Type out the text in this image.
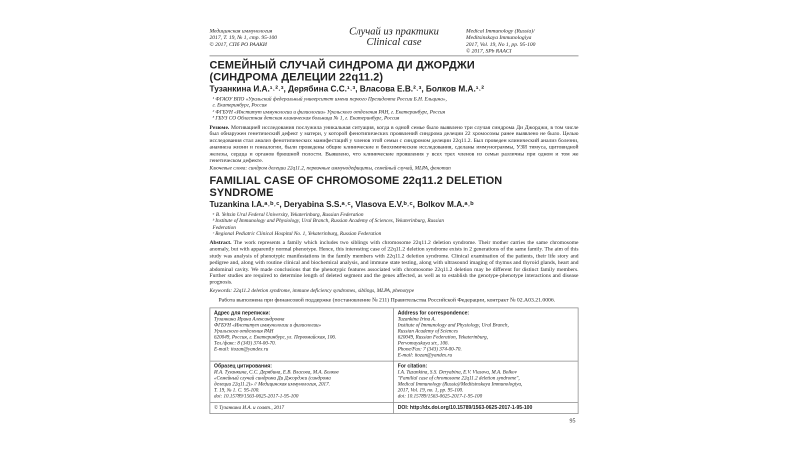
Медицинская иммунология
2017, Т. 19, № 1, стр. 95-100
© 2017, СПб РО РААКИ
Случай из практики
Clinical case
Medical Immunology (Russia)/
Meditsinskaya Immunologiya
2017, Vol. 19, No 1, pp. 95-100
© 2017, SPb RAACI
СЕМЕЙНЫЙ СЛУЧАЙ СИНДРОМА ДИ ДЖОРДЖИ
(СИНДРОМА ДЕЛЕЦИИ 22q11.2)
Тузанкина И.А.¹˒²˒³, Дерябина С.С.¹˒³, Власова Е.В.²˒³, Болков М.А.¹˒²

¹ ФГАОУ ВПО «Уральский федеральный университет имени первого Президента России Б.Н. Ельцина»,

г. Екатеринбург, Россия

² ФГБУН «Институт иммунологии и физиологии» Уральского отделения РАН, г. Екатеринбург, Россия

³ ГБУЗ СО Областная детская клиническая больница № 1, г. Екатеринбург, Россия

Резюме. Мотивацией исследования послужила уникальная ситуация, когда в одной семье было выявлено три случая синдрома Ди Джорджи, в том числе был обнаружен генетический дефект у матери, у которой фенотипических проявлений синдрома делеции 22 хромосомы ранее выявлено не было. Целью исследования стал анализ фенотипических манифестаций у членов этой семьи с синдромом делеции 22q11.2. Был проведен клинический анализ болезни, анамнеза жизни и генеалогии, были проведены общие клинические и биохимические исследования, сделаны иммунограммы, УЗИ тимуса, щитовидной железы, сердца и органов брюшной полости. Выявлено, что клинические проявления у всех трех членов из семьи различны при одном и том же генетическом дефекте.

Ключевые слова: синдром делеции 22q11.2, первичные иммунодефициты, семейный случай, MLPA, фенотип

FAMILIAL CASE OF CHROMOSOME 22q11.2 DELETION
SYNDROME
Tuzankina I.A.ᵃ˒ᵇ˒ᶜ, Deryabina S.S.ᵃ˒ᶜ, Vlasova E.V.ᵇ˒ᶜ, Bolkov M.A.ᵃ˒ᵇ

ᵃ B. Yeltsin Ural Federal University, Yekaterinburg, Russian Federation

ᵇ Institute of Immunology and Physiology, Ural Branch, Russian Academy of Sciences, Yekaterinburg, Russian

Federation

ᶜ Regional Pediatric Clinical Hospital No. 1, Yekaterinburg, Russian Federation

Abstract. The work represents a family which includes two siblings with chromosome 22q11.2 deletion syndrome. Their mother carries the same chromosome anomaly, but with apparently normal phenotype. Hence, this interesting case of 22q11.2 deletion syndrome exists in 2 generations of the same family. The aim of this study was analysis of phenotypic manifestations in the family members with 22q11.2 deletion syndrome. Clinical examination of the patients, their life story and pedigree and, along with routine clinical and biochemical analysis, and immune state testing, along with ultrasound imaging of thymus and thyroid glands, heart and abdominal cavity. We made conclusions that the phenotypic features associated with chromosome 22q11.2 deletion may be different for distinct family members. Further studies are required to determine length of deleted segment and the genes affected, as well as to establish the genotype-phenotype interactions and disease prognosis.

Keywords: 22q11.2 deletion syndrome, immune deficiency syndromes, siblings, MLPA, phenotype

Работа выполнена при финансовой поддержке (постановление № 211) Правительства Российской Федерации, контракт № 02.A03.21.0006.

Адрес для переписки:
Тузанкина Ирина Александровна
ФГБУН «Институт иммунологии и физиологии»
Уральского отделения РАН
620049, Россия, г. Екатеринбург, ул. Первомайская, 106.
Тел./факс: 8 (343) 374-00-70.
E-mail: itozan@yandex.ru
Address for correspondence:
Tuzankina Irina A.
Institute of Immunology and Physiology, Ural Branch,
Russian Academy of Sciences
620049, Russian Federation, Yekaterinburg,
Pervomayskaya str., 106.
Phone/Fax: 7 (343) 374-00-70.
E-mail: itozan@yandex.ru
Образец цитирования:
И.А. Тузанкина, С.С. Дерябина, Е.В. Власова, М.А. Болков
«Семейный случай синдрома Ди Джорджи (синдрома
делеции 22q11.2)» // Медицинская иммунология, 2017.
Т. 19, № 1. С. 95-100.
doi: 10.15789/1563-0625-2017-1-95-100
For citation:
I.A. Tuzankina, S.S. Deryabina, E.V. Vlasova, M.A. Bolkov
"Familial case of chromosome 22q11.2 deletion syndrome",
Medical Immunology (Russia)/Meditsinskaya Immunologiya,
2017, Vol. 19, no. 1, pp. 95-100.
doi: 10.15789/1563-0625-2017-1-95-100
© Тузанкина И.А. и соавт., 2017	DOI: http://dx.doi.org/10.15789/1563-0625-2017-1-95-100
95
